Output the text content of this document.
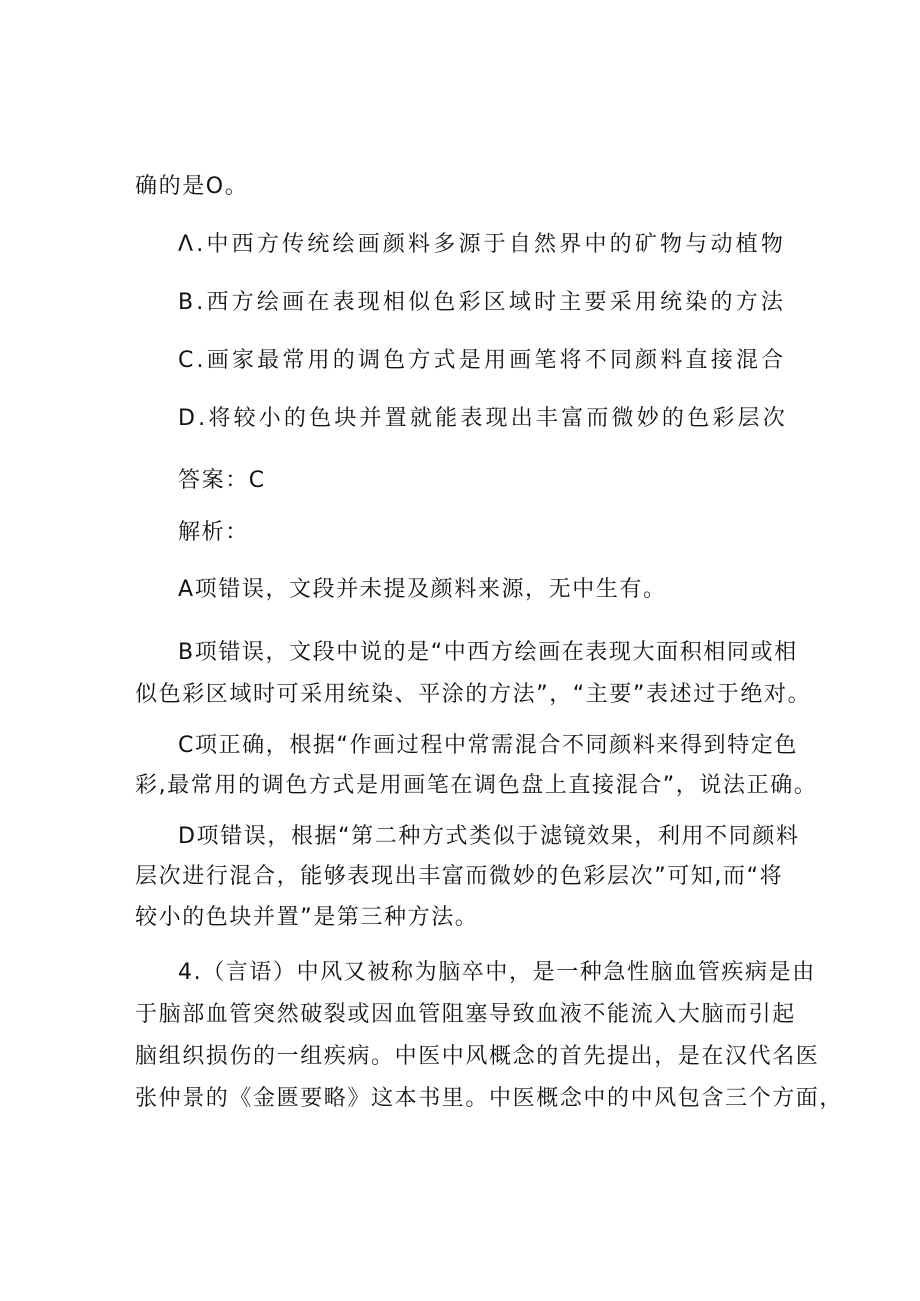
确的是O。
Λ.中西方传统绘画颜料多源于自然界中的矿物与动植物
B.西方绘画在表现相似色彩区域时主要采用统染的方法
C.画家最常用的调色方式是用画笔将不同颜料直接混合
D.将较小的色块并置就能表现出丰富而微妙的色彩层次
答案：C
解析：
A项错误，文段并未提及颜料来源，无中生有。
B项错误，文段中说的是“中西方绘画在表现大面积相同或相
似色彩区域时可采用统染、平涂的方法”，“主要”表述过于绝对。
C项正确，根据“作画过程中常需混合不同颜料来得到特定色
彩,最常用的调色方式是用画笔在调色盘上直接混合”，说法正确。
D项错误，根据“第二种方式类似于滤镜效果，利用不同颜料
层次进行混合，能够表现出丰富而微妙的色彩层次”可知,而“将
较小的色块并置”是第三种方法。
4.（言语）中风又被称为脑卒中，是一种急性脑血管疾病是由
于脑部血管突然破裂或因血管阻塞导致血液不能流入大脑而引起
脑组织损伤的一组疾病。中医中风概念的首先提出，是在汉代名医
张仲景的《金匮要略》这本书里。中医概念中的中风包含三个方面，
